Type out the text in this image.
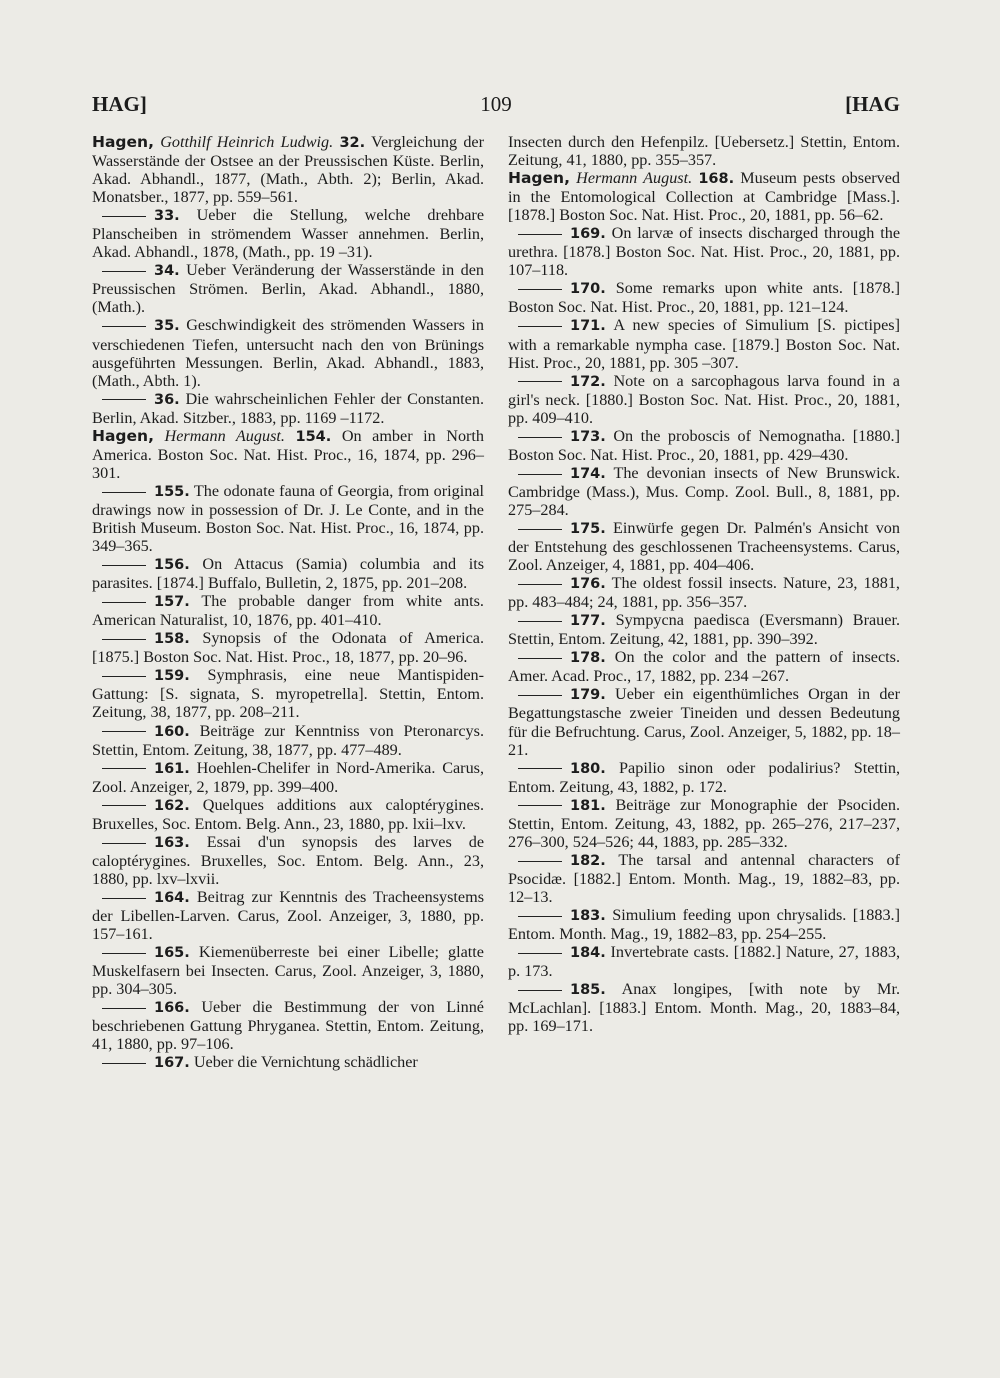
HAG]	109	[HAG

Hagen, Gotthilf Heinrich Ludwig. 32. Vergleichung der Wasserstände der Ostsee an der Preussischen Küste. Berlin, Akad. Abhandl., 1877, (Math., Abth. 2); Berlin, Akad. Monatsber., 1877, pp. 559–561.

33. Ueber die Stellung, welche drehbare Planscheiben in strömendem Wasser annehmen. Berlin, Akad. Abhandl., 1878, (Math., pp. 19 –31).

34. Ueber Veränderung der Wasserstände in den Preussischen Strömen. Berlin, Akad. Abhandl., 1880, (Math.).

35. Geschwindigkeit des strömenden Wassers in verschiedenen Tiefen, untersucht nach den von Brünings ausgeführten Messungen. Berlin, Akad. Abhandl., 1883, (Math., Abth. 1).

36. Die wahrscheinlichen Fehler der Constanten. Berlin, Akad. Sitzber., 1883, pp. 1169 –1172.

Hagen, Hermann August. 154. On amber in North America. Boston Soc. Nat. Hist. Proc., 16, 1874, pp. 296–301.

155. The odonate fauna of Georgia, from original drawings now in possession of Dr. J. Le Conte, and in the British Museum. Boston Soc. Nat. Hist. Proc., 16, 1874, pp. 349–365.

156. On Attacus (Samia) columbia and its parasites. [1874.] Buffalo, Bulletin, 2, 1875, pp. 201–208.

157. The probable danger from white ants. American Naturalist, 10, 1876, pp. 401–410.

158. Synopsis of the Odonata of America. [1875.] Boston Soc. Nat. Hist. Proc., 18, 1877, pp. 20–96.

159. Symphrasis, eine neue Mantispiden-Gattung: [S. signata, S. myropetrella]. Stettin, Entom. Zeitung, 38, 1877, pp. 208–211.

160. Beiträge zur Kenntniss von Pteronarcys. Stettin, Entom. Zeitung, 38, 1877, pp. 477–489.

161. Hoehlen-Chelifer in Nord-Amerika. Carus, Zool. Anzeiger, 2, 1879, pp. 399–400.

162. Quelques additions aux caloptérygines. Bruxelles, Soc. Entom. Belg. Ann., 23, 1880, pp. lxii–lxv.

163. Essai d'un synopsis des larves de caloptérygines. Bruxelles, Soc. Entom. Belg. Ann., 23, 1880, pp. lxv–lxvii.

164. Beitrag zur Kenntnis des Tracheensystems der Libellen-Larven. Carus, Zool. Anzeiger, 3, 1880, pp. 157–161.

165. Kiemenüberreste bei einer Libelle; glatte Muskelfasern bei Insecten. Carus, Zool. Anzeiger, 3, 1880, pp. 304–305.

166. Ueber die Bestimmung der von Linné beschriebenen Gattung Phryganea. Stettin, Entom. Zeitung, 41, 1880, pp. 97–106.

167. Ueber die Vernichtung schädlicher

Insecten durch den Hefenpilz. [Uebersetz.] Stettin, Entom. Zeitung, 41, 1880, pp. 355–357.

Hagen, Hermann August. 168. Museum pests observed in the Entomological Collection at Cambridge [Mass.]. [1878.] Boston Soc. Nat. Hist. Proc., 20, 1881, pp. 56–62.

169. On larvæ of insects discharged through the urethra. [1878.] Boston Soc. Nat. Hist. Proc., 20, 1881, pp. 107–118.

170. Some remarks upon white ants. [1878.] Boston Soc. Nat. Hist. Proc., 20, 1881, pp. 121–124.

171. A new species of Simulium [S. pictipes] with a remarkable nympha case. [1879.] Boston Soc. Nat. Hist. Proc., 20, 1881, pp. 305 –307.

172. Note on a sarcophagous larva found in a girl's neck. [1880.] Boston Soc. Nat. Hist. Proc., 20, 1881, pp. 409–410.

173. On the proboscis of Nemognatha. [1880.] Boston Soc. Nat. Hist. Proc., 20, 1881, pp. 429–430.

174. The devonian insects of New Brunswick. Cambridge (Mass.), Mus. Comp. Zool. Bull., 8, 1881, pp. 275–284.

175. Einwürfe gegen Dr. Palmén's Ansicht von der Entstehung des geschlossenen Tracheensystems. Carus, Zool. Anzeiger, 4, 1881, pp. 404–406.

176. The oldest fossil insects. Nature, 23, 1881, pp. 483–484; 24, 1881, pp. 356–357.

177. Sympycna paedisca (Eversmann) Brauer. Stettin, Entom. Zeitung, 42, 1881, pp. 390–392.

178. On the color and the pattern of insects. Amer. Acad. Proc., 17, 1882, pp. 234 –267.

179. Ueber ein eigenthümliches Organ in der Begattungstasche zweier Tineiden und dessen Bedeutung für die Befruchtung. Carus, Zool. Anzeiger, 5, 1882, pp. 18–21.

180. Papilio sinon oder podalirius? Stettin, Entom. Zeitung, 43, 1882, p. 172.

181. Beiträge zur Monographie der Psociden. Stettin, Entom. Zeitung, 43, 1882, pp. 265–276, 217–237, 276–300, 524–526; 44, 1883, pp. 285–332.

182. The tarsal and antennal characters of Psocidæ. [1882.] Entom. Month. Mag., 19, 1882–83, pp. 12–13.

183. Simulium feeding upon chrysalids. [1883.] Entom. Month. Mag., 19, 1882–83, pp. 254–255.

184. Invertebrate casts. [1882.] Nature, 27, 1883, p. 173.

185. Anax longipes, [with note by Mr. McLachlan]. [1883.] Entom. Month. Mag., 20, 1883–84, pp. 169–171.
